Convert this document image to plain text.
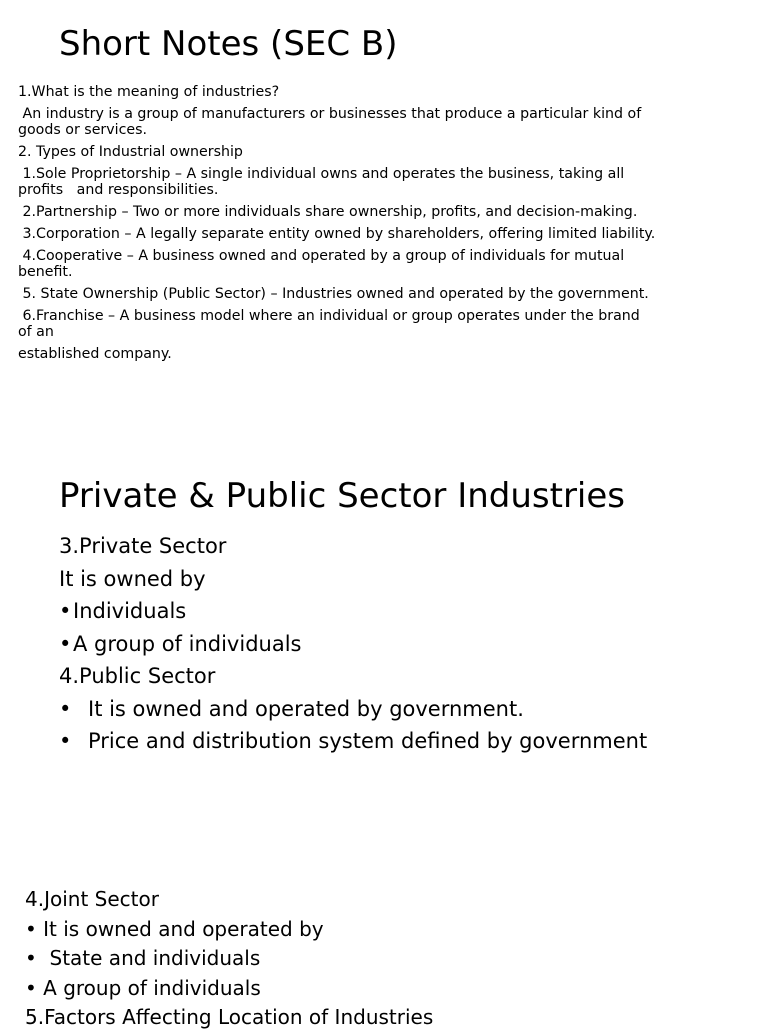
Short Notes (SEC B)
1.What is the meaning of industries?
An industry is a group of manufacturers or businesses that produce a particular kind of
goods or services.
2. Types of Industrial ownership
1.Sole Proprietorship – A single individual owns and operates the business, taking all
profits   and responsibilities.
2.Partnership – Two or more individuals share ownership, profits, and decision-making.
3.Corporation – A legally separate entity owned by shareholders, offering limited liability.
4.Cooperative – A business owned and operated by a group of individuals for mutual
benefit.
5. State Ownership (Public Sector) – Industries owned and operated by the government.
6.Franchise – A business model where an individual or group operates under the brand
of an
established company.
Private & Public Sector Industries
3.Private Sector
It is owned by
•Individuals
•A group of individuals
4.Public Sector
• It is owned and operated by government.
• Price and distribution system defined by government
4.Joint Sector
• It is owned and operated by
•  State and individuals
• A group of individuals
5.Factors Affecting Location of Industries
